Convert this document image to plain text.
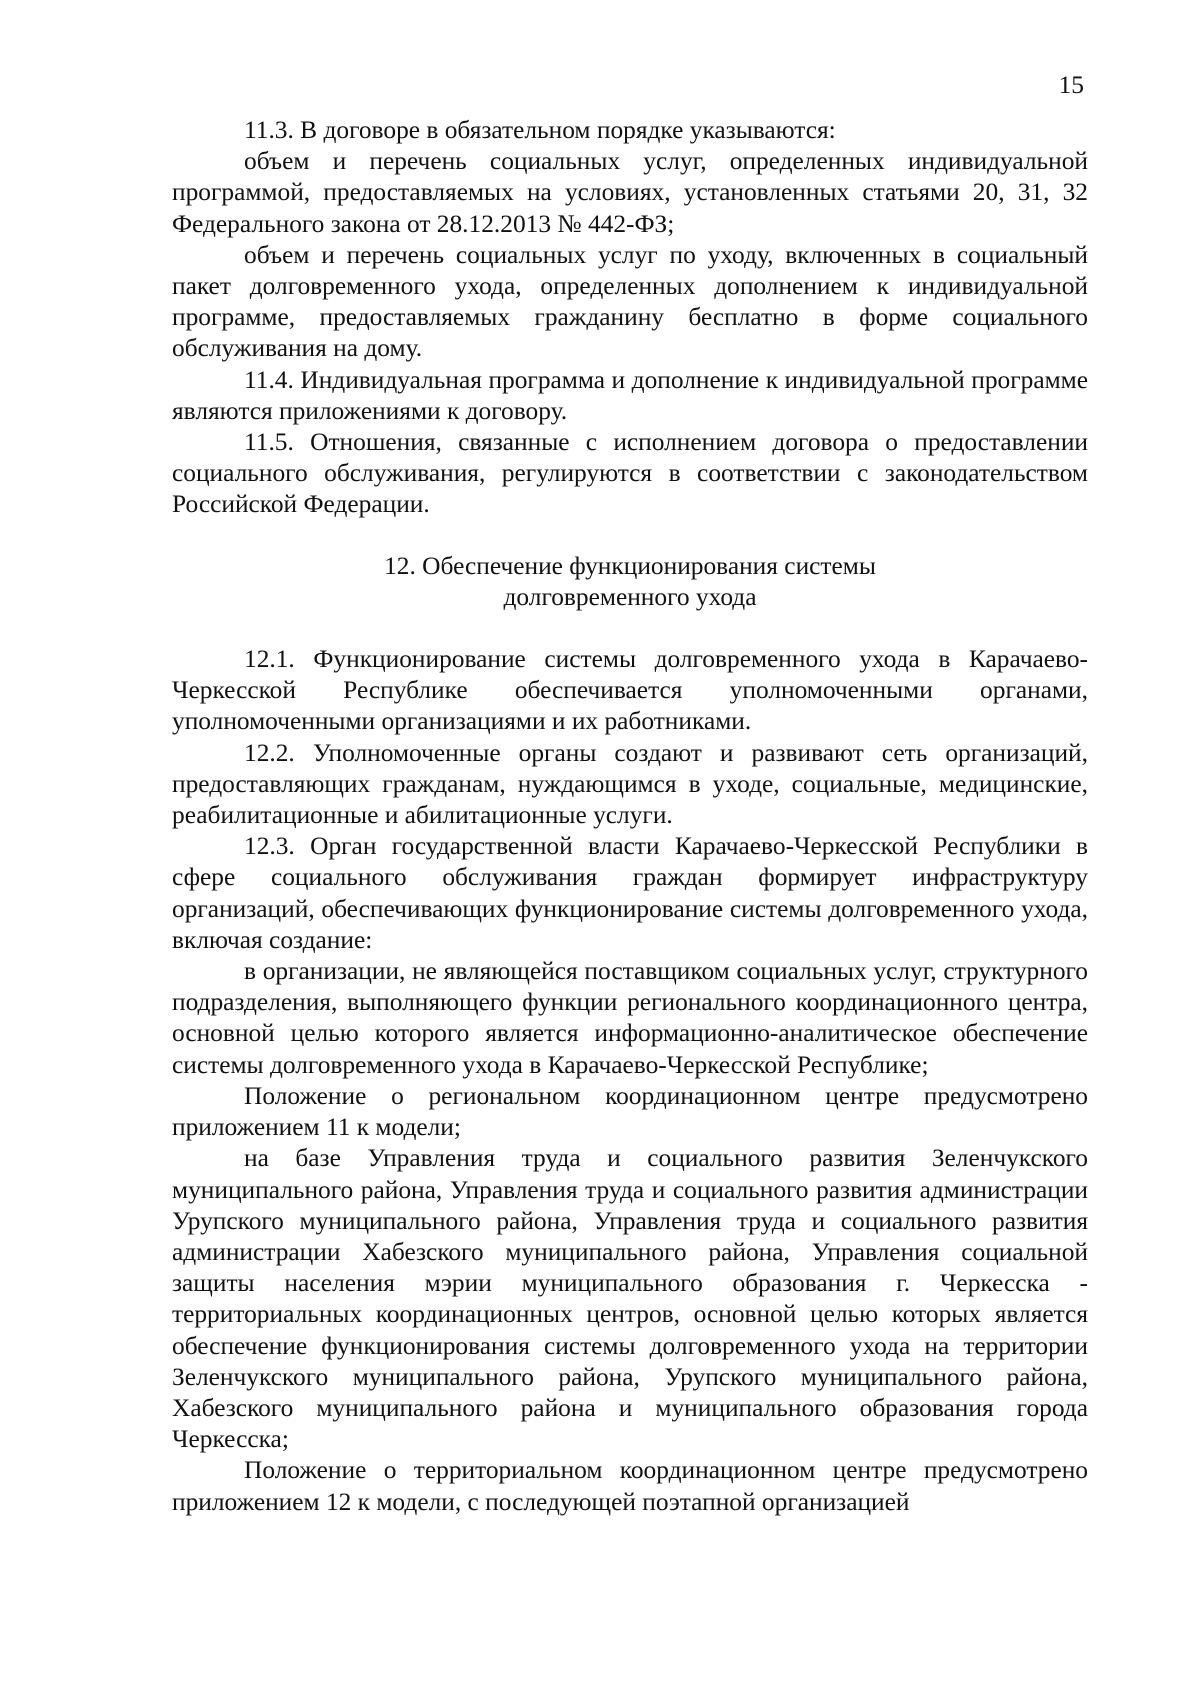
15

11.3. В договоре в обязательном порядке указываются:

объем и перечень социальных услуг, определенных индивидуальной программой, предоставляемых на условиях, установленных статьями 20, 31, 32 Федерального закона от 28.12.2013 № 442-ФЗ;

объем и перечень социальных услуг по уходу, включенных в социальный пакет долговременного ухода, определенных дополнением к индивидуальной программе, предоставляемых гражданину бесплатно в форме социального обслуживания на дому.

11.4. Индивидуальная программа и дополнение к индивидуальной программе являются приложениями к договору.

11.5. Отношения, связанные с исполнением договора о предоставлении социального обслуживания, регулируются в соответствии с законодательством Российской Федерации.

12. Обеспечение функционирования системы
долговременного ухода

12.1. Функционирование системы долговременного ухода в Карачаево-Черкесской Республике обеспечивается уполномоченными органами, уполномоченными организациями и их работниками.

12.2. Уполномоченные органы создают и развивают сеть организаций, предоставляющих гражданам, нуждающимся в уходе, социальные, медицинские, реабилитационные и абилитационные услуги.

12.3. Орган государственной власти Карачаево-Черкесской Республики в сфере социального обслуживания граждан формирует инфраструктуру организаций, обеспечивающих функционирование системы долговременного ухода, включая создание:

в организации, не являющейся поставщиком социальных услуг, структурного подразделения, выполняющего функции регионального координационного центра, основной целью которого является информационно-аналитическое обеспечение системы долговременного ухода в Карачаево-Черкесской Республике;

Положение о региональном координационном центре предусмотрено приложением 11 к модели;

на базе Управления труда и социального развития Зеленчукского муниципального района, Управления труда и социального развития администрации Урупского муниципального района, Управления труда и социального развития администрации Хабезского муниципального района, Управления социальной защиты населения мэрии муниципального образования г. Черкесска - территориальных координационных центров, основной целью которых является обеспечение функционирования системы долговременного ухода на территории Зеленчукского муниципального района, Урупского муниципального района, Хабезского муниципального района и муниципального образования города Черкесска;

Положение о территориальном координационном центре предусмотрено приложением 12 к модели, с последующей поэтапной организацией
